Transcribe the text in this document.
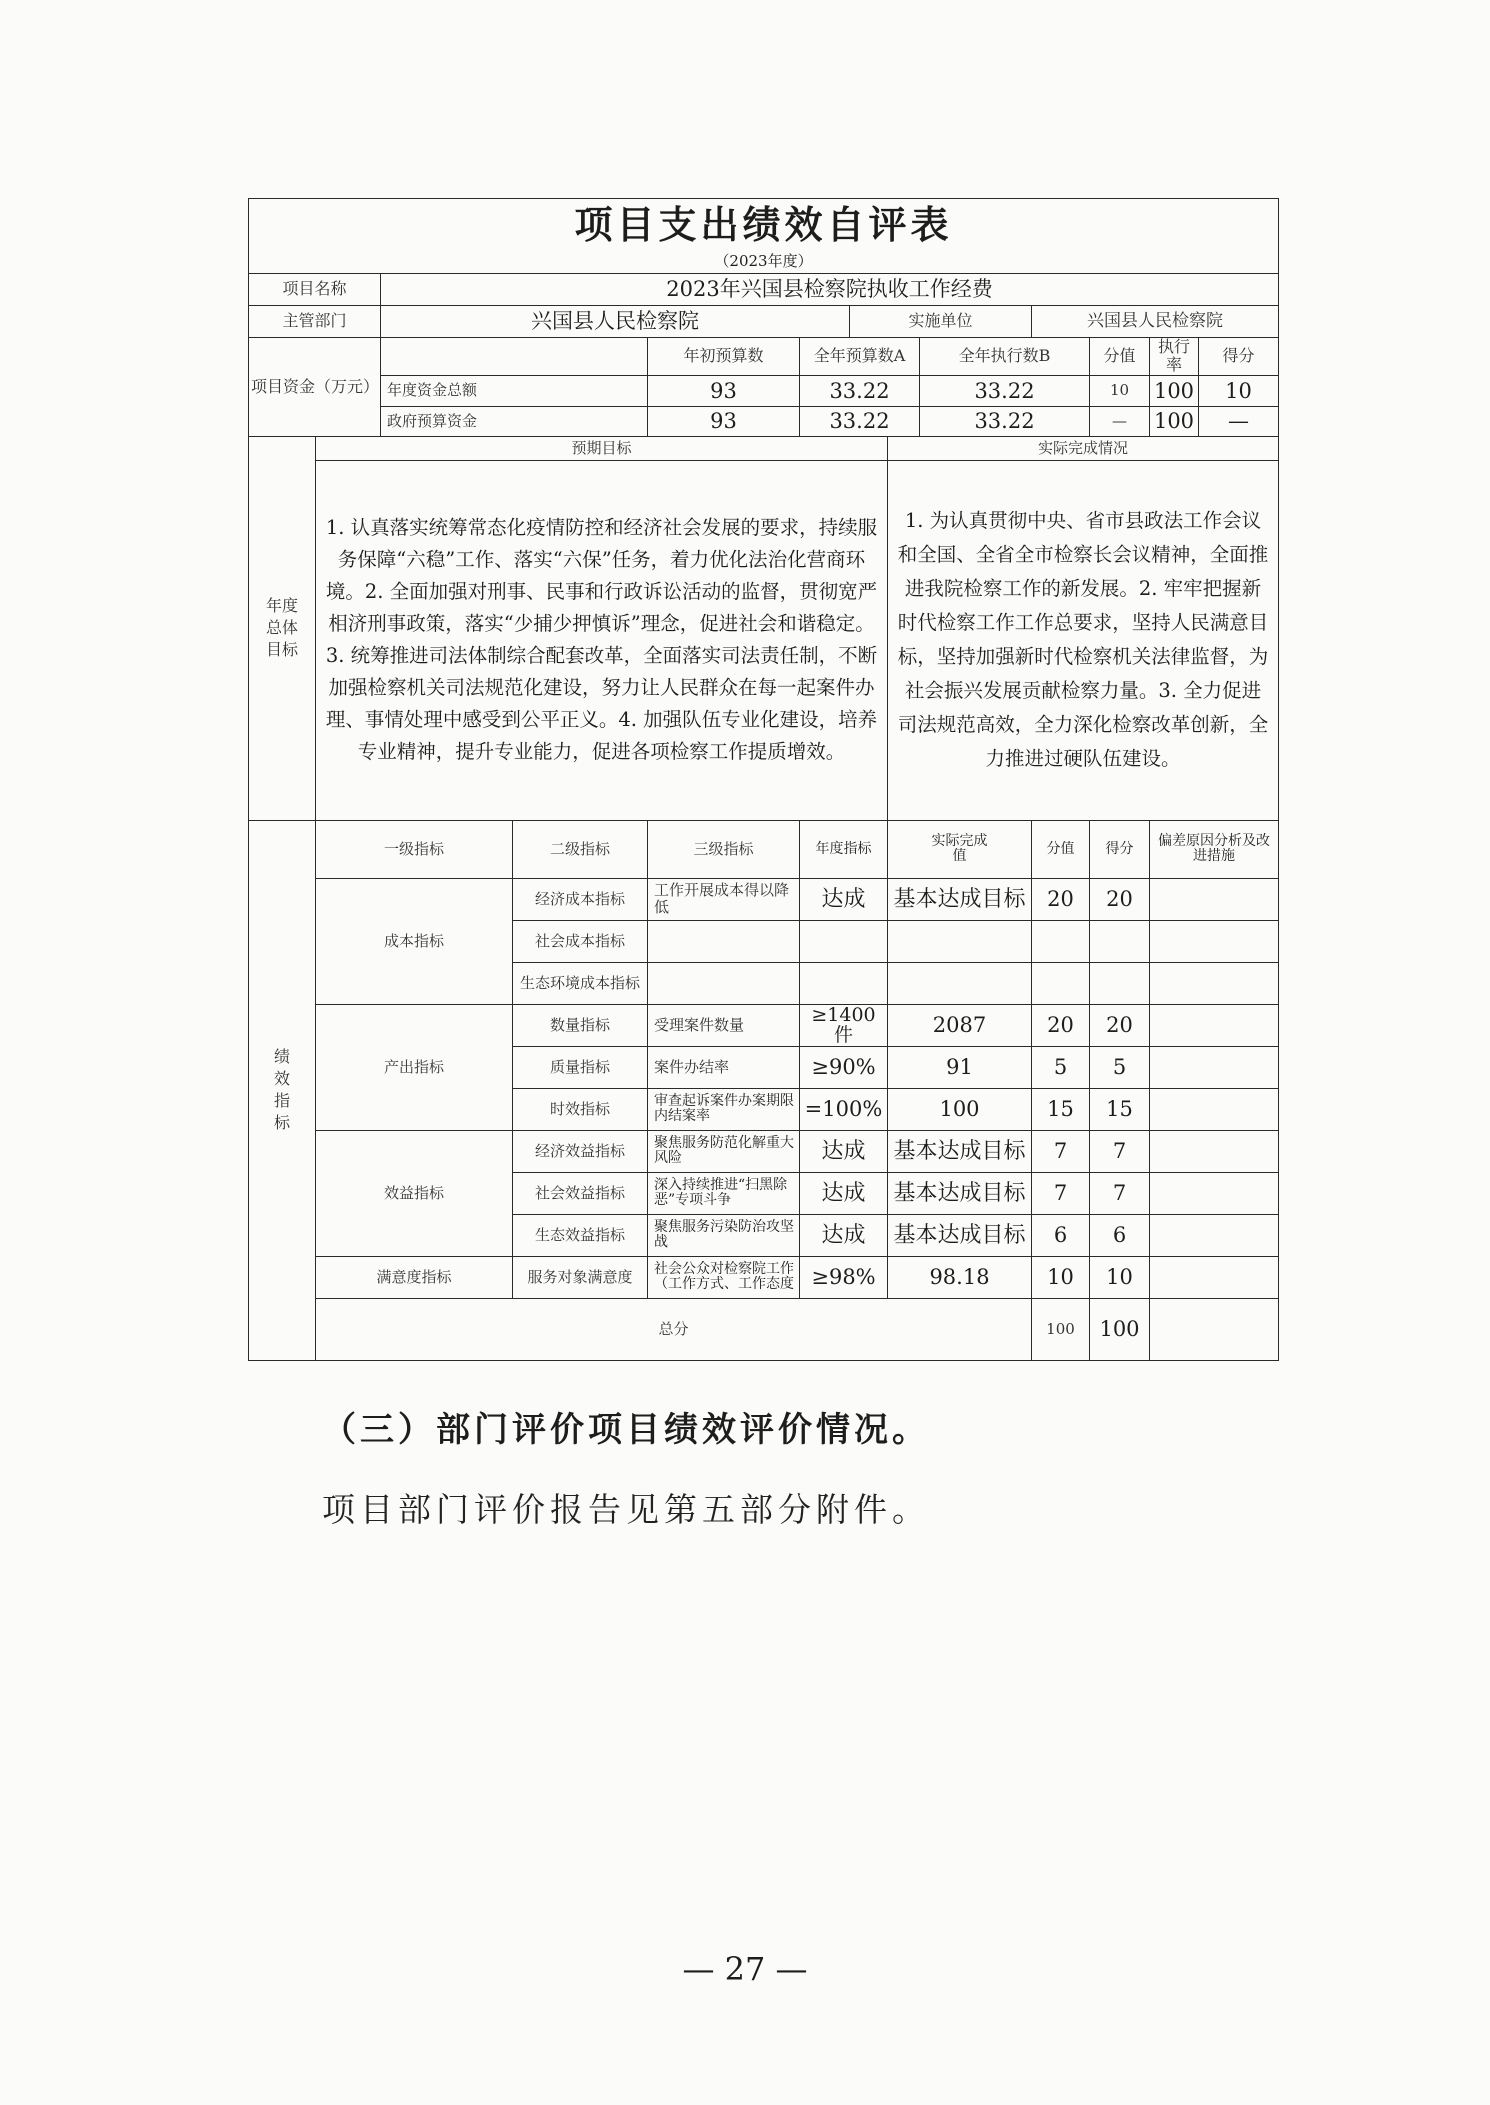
项目支出绩效自评表												
（2023年度）												
项目名称		2023年兴国县检察院执收工作经费										
主管部门		兴国县人民检察院				实施单位			兴国县人民检察院			
项目资金（万元）				年初预算数	全年预算数A			全年执行数B		分值	执行率	得分
		年度资金总额		93	33.22			33.22		10	100	10
		政府预算资金		93	33.22			33.22		—	100	—
年度总体目标	预期目标						实际完成情况					
	1. 认真落实统筹常态化疫情防控和经济社会发展的要求，持续服务保障“六稳”工作、落实“六保”任务，着力优化法治化营商环境。2. 全面加强对刑事、民事和行政诉讼活动的监督，贯彻宽严相济刑事政策，落实“少捕少押慎诉”理念，促进社会和谐稳定。3. 统筹推进司法体制综合配套改革，全面落实司法责任制，不断加强检察机关司法规范化建设，努力让人民群众在每一起案件办理、事情处理中感受到公平正义。4. 加强队伍专业化建设，培养专业精神，提升专业能力，促进各项检察工作提质增效。						1. 为认真贯彻中央、省市县政法工作会议和全国、全省全市检察长会议精神，全面推进我院检察工作的新发展。2. 牢牢把握新时代检察工作工作总要求，坚持人民满意目标，坚持加强新时代检察机关法律监督，为社会振兴发展贡献检察力量。3. 全力促进司法规范高效，全力深化检察改革创新，全力推进过硬队伍建设。					
绩效指标	一级指标		二级指标	三级指标	年度指标		实际完成值		分值	得分	偏差原因分析及改进措施	
	成本指标		经济成本指标	工作开展成本得以降低	达成		基本达成目标		20	20		
			社会成本指标									
			生态环境成本指标									
	产出指标		数量指标	受理案件数量	≥1400件		2087		20	20		
			质量指标	案件办结率	≥90%		91		5	5		
			时效指标	审查起诉案件办案期限内结案率	=100%		100		15	15		
	效益指标		经济效益指标	聚焦服务防范化解重大风险	达成		基本达成目标		7	7		
			社会效益指标	深入持续推进“扫黑除恶”专项斗争	达成		基本达成目标		7	7		
			生态效益指标	聚焦服务污染防治攻坚战	达成		基本达成目标		6	6		
	满意度指标		服务对象满意度	社会公众对检察院工作（工作方式、工作态度	≥98%		98.18		10	10		
	总分								100	100		
（三）部门评价项目绩效评价情况。
项目部门评价报告见第五部分附件。
— 27 —
